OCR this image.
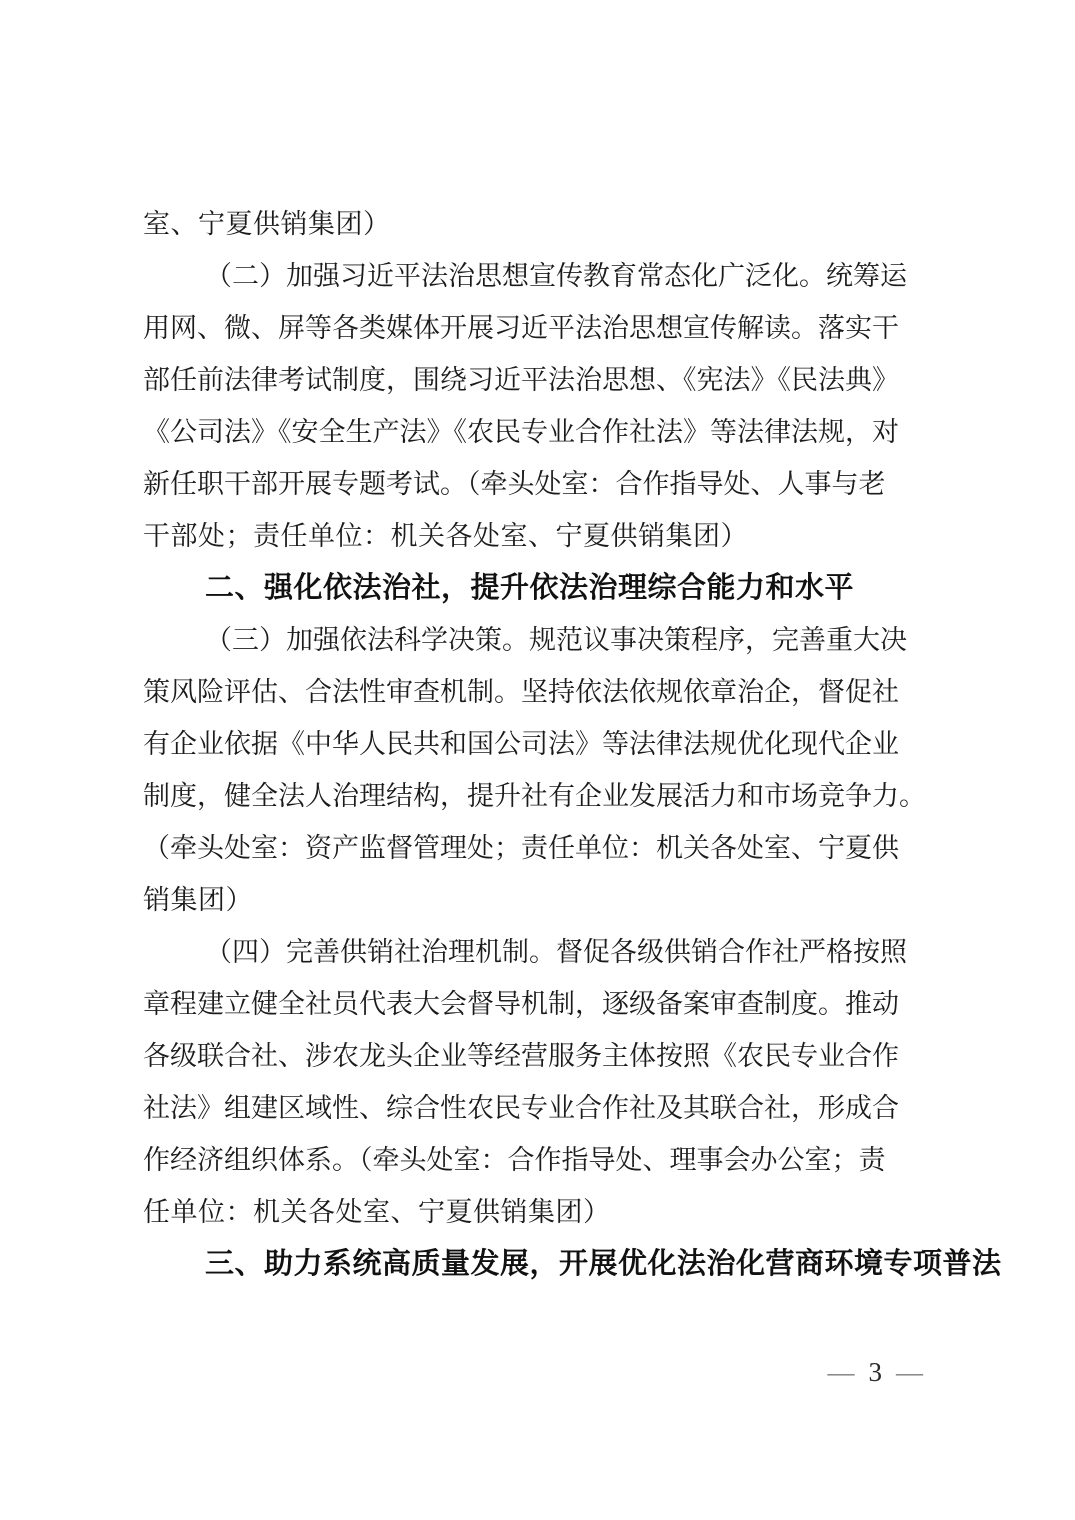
室、宁夏供销集团）
（二）加强习近平法治思想宣传教育常态化广泛化。统筹运
用网、微、屏等各类媒体开展习近平法治思想宣传解读。落实干
部任前法律考试制度，围绕习近平法治思想、《宪法》《民法典》
《公司法》《安全生产法》《农民专业合作社法》等法律法规，对
新任职干部开展专题考试。（牵头处室：合作指导处、人事与老
干部处；责任单位：机关各处室、宁夏供销集团）
二、强化依法治社，提升依法治理综合能力和水平
（三）加强依法科学决策。规范议事决策程序，完善重大决
策风险评估、合法性审查机制。坚持依法依规依章治企，督促社
有企业依据《中华人民共和国公司法》等法律法规优化现代企业
制度，健全法人治理结构，提升社有企业发展活力和市场竞争力。
（牵头处室：资产监督管理处；责任单位：机关各处室、宁夏供
销集团）
（四）完善供销社治理机制。督促各级供销合作社严格按照
章程建立健全社员代表大会督导机制，逐级备案审查制度。推动
各级联合社、涉农龙头企业等经营服务主体按照《农民专业合作
社法》组建区域性、综合性农民专业合作社及其联合社，形成合
作经济组织体系。（牵头处室：合作指导处、理事会办公室；责
任单位：机关各处室、宁夏供销集团）
三、助力系统高质量发展，开展优化法治化营商环境专项普法
— 3 —
